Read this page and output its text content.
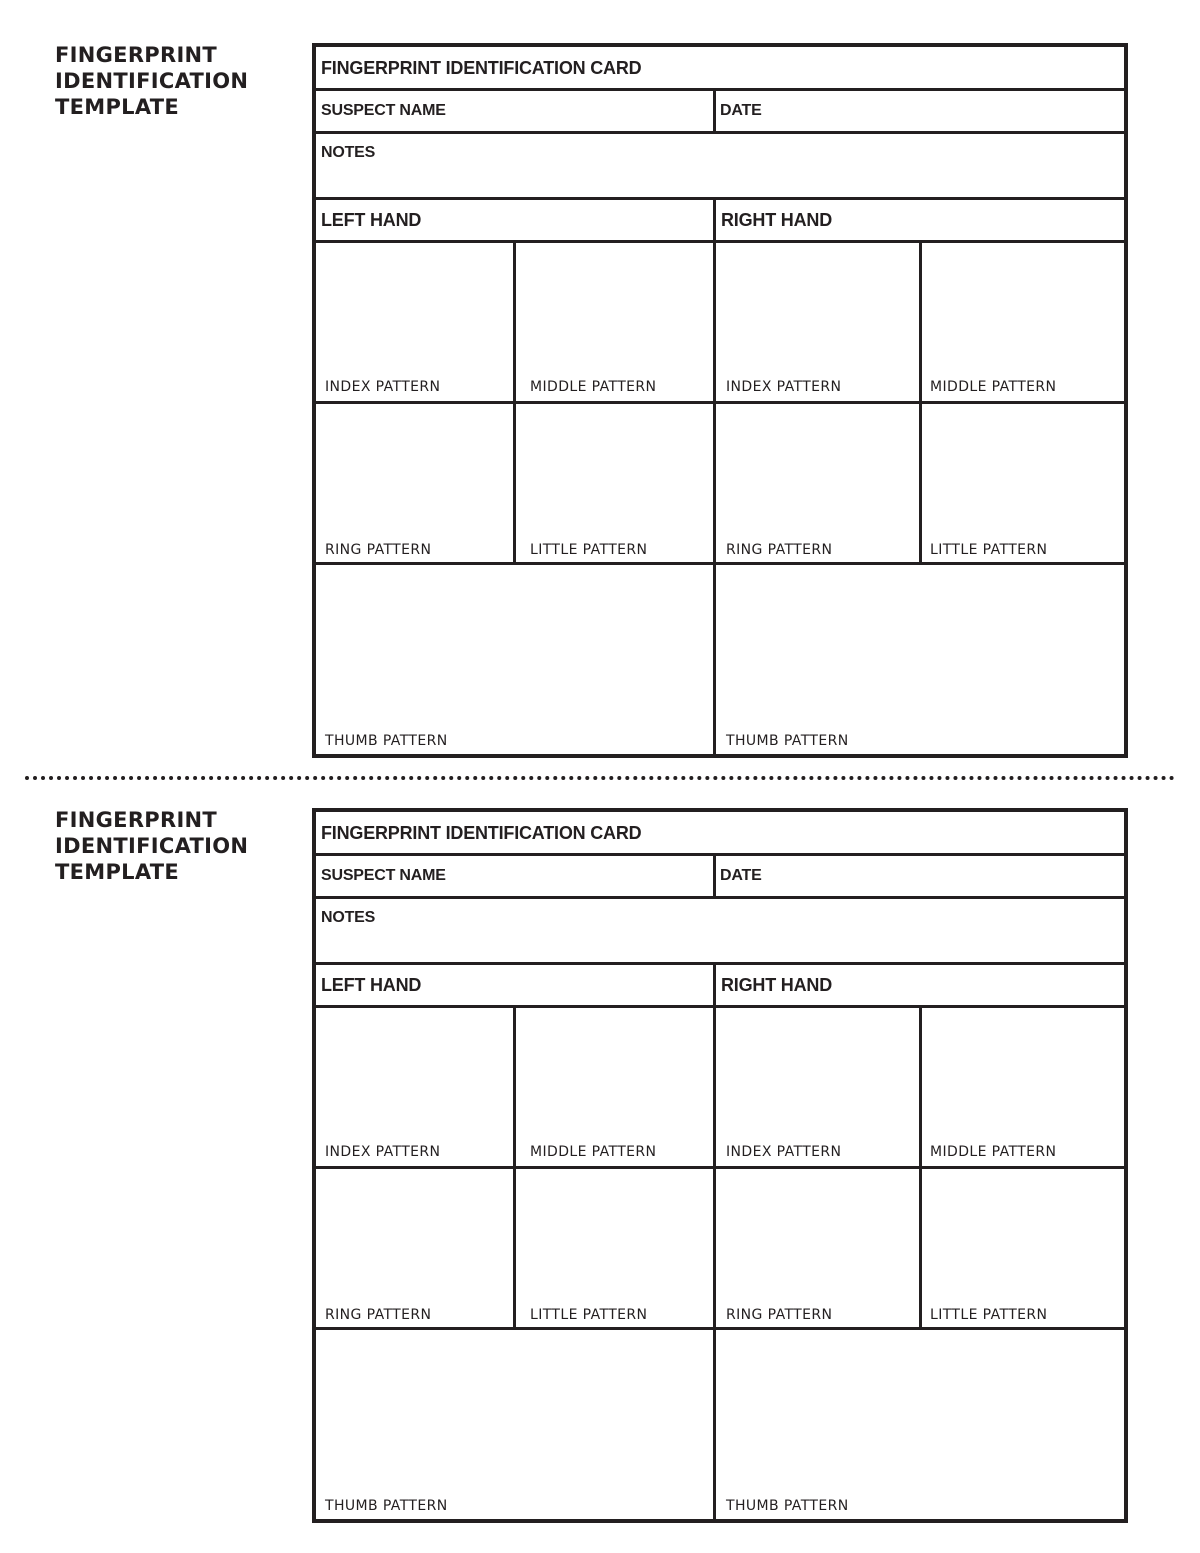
FINGERPRINT
IDENTIFICATION
TEMPLATE
FINGERPRINT IDENTIFICATION CARD
SUSPECT NAME	DATE
NOTES
LEFT HAND	RIGHT HAND
INDEX PATTERN	MIDDLE PATTERN	INDEX PATTERN	MIDDLE PATTERN
RING PATTERN	LITTLE PATTERN	RING PATTERN	LITTLE PATTERN
THUMB PATTERN	THUMB PATTERN
FINGERPRINT
IDENTIFICATION
TEMPLATE
FINGERPRINT IDENTIFICATION CARD
SUSPECT NAME	DATE
NOTES
LEFT HAND	RIGHT HAND
INDEX PATTERN	MIDDLE PATTERN	INDEX PATTERN	MIDDLE PATTERN
RING PATTERN	LITTLE PATTERN	RING PATTERN	LITTLE PATTERN
THUMB PATTERN	THUMB PATTERN
